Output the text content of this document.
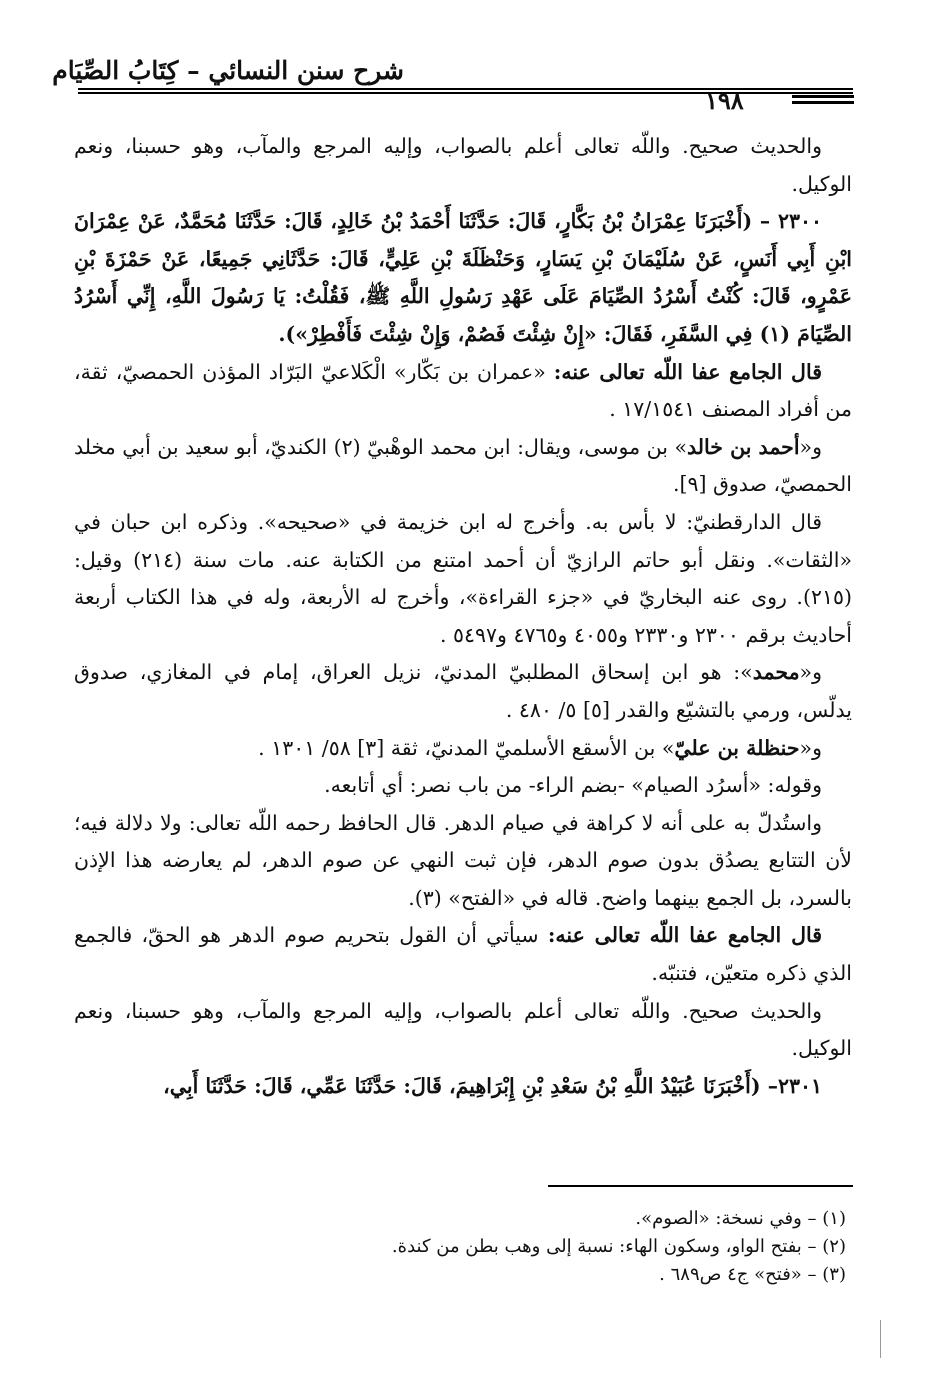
شرح سنن النسائي – كِتَابُ الصِّيَام
١٩٨

والحديث صحيح. واللّه تعالى أعلم بالصواب، وإليه المرجع والمآب، وهو حسبنا، ونعم الوكيل.

٢٣٠٠ – (أَخْبَرَنَا عِمْرَانُ بْنُ بَكَّارٍ، قَالَ: حَدَّثَنَا أَحْمَدُ بْنُ خَالِدٍ، قَالَ: حَدَّثَنَا مُحَمَّدٌ، عَنْ عِمْرَانَ ابْنِ أَبِي أَنَسٍ، عَنْ سُلَيْمَانَ بْنِ يَسَارٍ، وَحَنْظَلَةَ بْنِ عَلِيٍّ، قَالَ: حَدَّثَانِي جَمِيعًا، عَنْ حَمْزَةَ بْنِ عَمْرٍو، قَالَ: كُنْتُ أَسْرُدُ الصِّيَامَ عَلَى عَهْدِ رَسُولِ اللَّهِ ﷺ، فَقُلْتُ: يَا رَسُولَ اللَّهِ، إِنِّي أَسْرُدُ الصِّيَامَ (١) فِي السَّفَرِ، فَقَالَ: «إِنْ شِئْتَ فَصُمْ، وَإِنْ شِئْتَ فَأَفْطِرْ»).

قال الجامع عفا اللّه تعالى عنه: «عمران بن بَكّار» الْكَلاعيّ البَرّاد المؤذن الحمصيّ، ثقة، من أفراد المصنف ١٧/١٥٤١ .

و«أحمد بن خالد» بن موسى، ويقال: ابن محمد الوهْبيّ (٢) الكنديّ، أبو سعيد بن أبي مخلد الحمصيّ، صدوق [٩].

قال الدارقطنيّ: لا بأس به. وأخرج له ابن خزيمة في «صحيحه». وذكره ابن حبان في «الثقات». ونقل أبو حاتم الرازيّ أن أحمد امتنع من الكتابة عنه. مات سنة (٢١٤) وقيل: (٢١٥). روى عنه البخاريّ في «جزء القراءة»، وأخرج له الأربعة، وله في هذا الكتاب أربعة أحاديث برقم ٢٣٠٠ و٢٣٣٠ و٤٠٥٥ و٤٧٦٥ و٥٤٩٧ .

و«محمد»: هو ابن إسحاق المطلبيّ المدنيّ، نزيل العراق، إمام في المغازي، صدوق يدلّس، ورمي بالتشيّع والقدر [٥] ٥/ ٤٨٠ .

و«حنظلة بن عليّ» بن الأسقع الأسلميّ المدنيّ، ثقة [٣] ٥٨/ ١٣٠١ .

وقوله: «أسرُد الصيام» -بضم الراء- من باب نصر: أي أتابعه.

واستُدلّ به على أنه لا كراهة في صيام الدهر. قال الحافظ رحمه اللّه تعالى: ولا دلالة فيه؛ لأن التتابع يصدُق بدون صوم الدهر، فإن ثبت النهي عن صوم الدهر، لم يعارضه هذا الإذن بالسرد، بل الجمع بينهما واضح. قاله في «الفتح» (٣).

قال الجامع عفا اللّه تعالى عنه: سيأتي أن القول بتحريم صوم الدهر هو الحقّ، فالجمع الذي ذكره متعيّن، فتنبّه.

والحديث صحيح. واللّه تعالى أعلم بالصواب، وإليه المرجع والمآب، وهو حسبنا، ونعم الوكيل.

٢٣٠١– (أَخْبَرَنَا عُبَيْدُ اللَّهِ بْنُ سَعْدِ بْنِ إِبْرَاهِيمَ، قَالَ: حَدَّثَنَا عَمِّي، قَالَ: حَدَّثَنَا أَبِي،

(١) – وفي نسخة: «الصوم».

(٢) – بفتح الواو، وسكون الهاء: نسبة إلى وهب بطن من كندة.

(٣) – «فتح» ج٤ ص٦٨٩ .
